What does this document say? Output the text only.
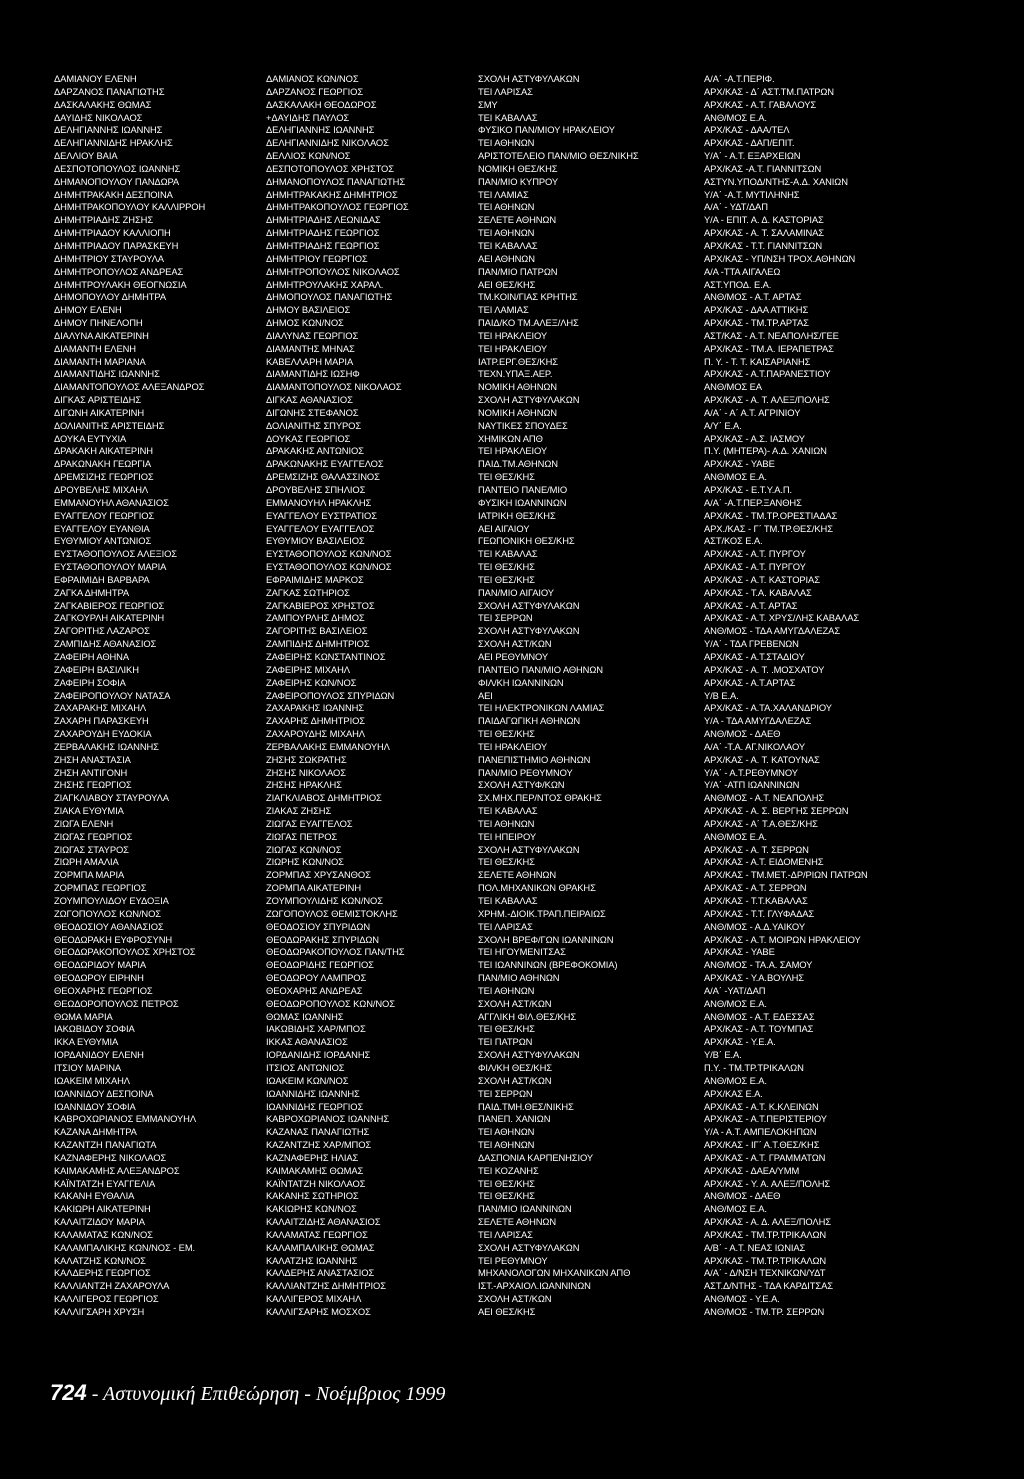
ΔΑΜΙΑΝΟΥ ΕΛΕΝΗ	ΔΑΜΙΑΝΟΣ ΚΩΝ/ΝΟΣ	ΣΧΟΛΗ ΑΣΤΥΦΥΛΑΚΩΝ	Α/Α΄ -Α.Τ.ΠΕΡΙΦ.
ΔΑΡΖΑΝΟΣ ΠΑΝΑΓΙΩΤΗΣ	ΔΑΡΖΑΝΟΣ ΓΕΩΡΓΙΟΣ	ΤΕΙ ΛΑΡΙΣΑΣ	ΑΡΧ/ΚΑΣ - Δ΄ ΑΣΤ.ΤΜ.ΠΑΤΡΩΝ
ΔΑΣΚΑΛΑΚΗΣ ΘΩΜΑΣ	ΔΑΣΚΑΛΑΚΗ ΘΕΟΔΩΡΟΣ	ΣΜΥ	ΑΡΧ/ΚΑΣ - Α.Τ. ΓΑΒΑΛΟΥΣ
ΔΑΥΙΔΗΣ ΝΙΚΟΛΑΟΣ	+ΔΑΥΙΔΗΣ ΠΑΥΛΟΣ	ΤΕΙ ΚΑΒΑΛΑΣ	ΑΝΘ/ΜΟΣ Ε.Α.
ΔΕΛΗΓΙΑΝΝΗΣ ΙΩΑΝΝΗΣ	ΔΕΛΗΓΙΑΝΝΗΣ ΙΩΑΝΝΗΣ	ΦΥΣΙΚΟ ΠΑΝ/ΜΙΟΥ ΗΡΑΚΛΕΙΟΥ	ΑΡΧ/ΚΑΣ - ΔΑΑ/ΤΕΛ
ΔΕΛΗΓΙΑΝΝΙΔΗΣ ΗΡΑΚΛΗΣ	ΔΕΛΗΓΙΑΝΝΙΔΗΣ ΝΙΚΟΛΑΟΣ	ΤΕΙ ΑΘΗΝΩΝ	ΑΡΧ/ΚΑΣ - ΔΑΠ/ΕΠΙΤ.
ΔΕΛΛΙΟΥ ΒΑΙΑ	ΔΕΛΛΙΟΣ ΚΩΝ/ΝΟΣ	ΑΡΙΣΤΟΤΕΛΕΙΟ ΠΑΝ/ΜΙΟ ΘΕΣ/ΝΙΚΗΣ	Υ/Α΄ - Α.Τ. ΕΞΑΡΧΕΙΩΝ
ΔΕΣΠΟΤΟΠΟΥΛΟΣ ΙΩΑΝΝΗΣ	ΔΕΣΠΟΤΟΠΟΥΛΟΣ ΧΡΗΣΤΟΣ	ΝΟΜΙΚΗ ΘΕΣ/ΚΗΣ	ΑΡΧ/ΚΑΣ -Α.Τ. ΓΙΑΝΝΙΤΣΩΝ
ΔΗΜΑΝΟΠΟΥΛΟΥ ΠΑΝΔΩΡΑ	ΔΗΜΑΝΟΠΟΥΛΟΣ ΠΑΝΑΓΙΩΤΗΣ	ΠΑΝ/ΜΙΟ ΚΥΠΡΟΥ	ΑΣΤΥΝ.ΥΠΟΔ/ΝΤΗΣ-Α.Δ. ΧΑΝΙΩΝ
ΔΗΜΗΤΡΑΚΑΚΗ ΔΕΣΠΟΙΝΑ	ΔΗΜΗΤΡΑΚΑΚΗΣ ΔΗΜΗΤΡΙΟΣ	ΤΕΙ ΛΑΜΙΑΣ	Υ/Α΄ -Α.Τ. ΜΥΤΙΛΗΝΗΣ
ΔΗΜΗΤΡΑΚΟΠΟΥΛΟΥ ΚΑΛΛΙΡΡΟΗ	ΔΗΜΗΤΡΑΚΟΠΟΥΛΟΣ ΓΕΩΡΓΙΟΣ	ΤΕΙ ΑΘΗΝΩΝ	Α/Α΄ - ΥΔΤ/ΔΑΠ
ΔΗΜΗΤΡΙΑΔΗΣ ΖΗΣΗΣ	ΔΗΜΗΤΡΙΑΔΗΣ ΛΕΩΝΙΔΑΣ	ΣΕΛΕΤΕ ΑΘΗΝΩΝ	Υ/Α - ΕΠΙΤ. Α. Δ. ΚΑΣΤΟΡΙΑΣ
ΔΗΜΗΤΡΙΑΔΟΥ ΚΑΛΛΙΟΠΗ	ΔΗΜΗΤΡΙΑΔΗΣ ΓΕΩΡΓΙΟΣ	ΤΕΙ ΑΘΗΝΩΝ	ΑΡΧ/ΚΑΣ - Α. Τ. ΣΑΛΑΜΙΝΑΣ
ΔΗΜΗΤΡΙΑΔΟΥ ΠΑΡΑΣΚΕΥΗ	ΔΗΜΗΤΡΙΑΔΗΣ ΓΕΩΡΓΙΟΣ	ΤΕΙ ΚΑΒΑΛΑΣ	ΑΡΧ/ΚΑΣ - Τ.Τ. ΓΙΑΝΝΙΤΣΩΝ
ΔΗΜΗΤΡΙΟΥ ΣΤΑΥΡΟΥΛΑ	ΔΗΜΗΤΡΙΟΥ ΓΕΩΡΓΙΟΣ	ΑΕΙ ΑΘΗΝΩΝ	ΑΡΧ/ΚΑΣ - ΥΠ/ΝΣΗ ΤΡΟΧ.ΑΘΗΝΩΝ
ΔΗΜΗΤΡΟΠΟΥΛΟΣ ΑΝΔΡΕΑΣ	ΔΗΜΗΤΡΟΠΟΥΛΟΣ ΝΙΚΟΛΑΟΣ	ΠΑΝ/ΜΙΟ ΠΑΤΡΩΝ	Α/Α -ΤΤΑ ΑΙΓΑΛΕΩ
ΔΗΜΗΤΡΟΥΛΑΚΗ ΘΕΟΓΝΩΣΙΑ	ΔΗΜΗΤΡΟΥΛΑΚΗΣ ΧΑΡΑΛ.	ΑΕΙ ΘΕΣ/ΚΗΣ	ΑΣΤ.ΥΠΟΔ. Ε.Α.
ΔΗΜΟΠΟΥΛΟΥ ΔΗΜΗΤΡΑ	ΔΗΜΟΠΟΥΛΟΣ ΠΑΝΑΓΙΩΤΗΣ	ΤΜ.ΚΟΙΝ/ΓΙΑΣ ΚΡΗΤΗΣ	ΑΝΘ/ΜΟΣ - Α.Τ. ΑΡΤΑΣ
ΔΗΜΟΥ ΕΛΕΝΗ	ΔΗΜΟΥ ΒΑΣΙΛΕΙΟΣ	ΤΕΙ ΛΑΜΙΑΣ	ΑΡΧ/ΚΑΣ - ΔΑΑ ΑΤΤΙΚΗΣ
ΔΗΜΟΥ ΠΗΝΕΛΟΠΗ	ΔΗΜΟΣ ΚΩΝ/ΝΟΣ	ΠΑΙΔ/ΚΟ ΤΜ.ΑΛΕΞ/ΛΗΣ	ΑΡΧ/ΚΑΣ - ΤΜ.ΤΡ.ΑΡΤΑΣ
ΔΙΑΛΥΝΑ ΑΙΚΑΤΕΡΙΝΗ	ΔΙΑΛΥΝΑΣ ΓΕΩΡΓΙΟΣ	ΤΕΙ ΗΡΑΚΛΕΙΟΥ	ΑΣΤ/ΚΑΣ - Α.Τ. ΝΕΑΠΟΛΗΣ/ΓΕΕ
ΔΙΑΜΑΝΤΗ ΕΛΕΝΗ	ΔΙΑΜΑΝΤΗΣ ΜΗΝΑΣ	ΤΕΙ ΗΡΑΚΛΕΙΟΥ	ΑΡΧ/ΚΑΣ - ΤΜ.Α. ΙΕΡΑΠΕΤΡΑΣ
ΔΙΑΜΑΝΤΗ ΜΑΡΙΑΝΑ	ΚΑΒΕΛΛΑΡΗ ΜΑΡΙΑ	ΙΑΤΡ.ΕΡΓ.ΘΕΣ/ΚΗΣ	Π. Υ. - Τ. Τ. ΚΑΙΣΑΡΙΑΝΗΣ
ΔΙΑΜΑΝΤΙΔΗΣ ΙΩΑΝΝΗΣ	ΔΙΑΜΑΝΤΙΔΗΣ ΙΩΣΗΦ	ΤΕΧΝ.ΥΠΑΞ.ΑΕΡ.	ΑΡΧ/ΚΑΣ - Α.Τ.ΠΑΡΑΝΕΣΤΙΟΥ
ΔΙΑΜΑΝΤΟΠΟΥΛΟΣ ΑΛΕΞΑΝΔΡΟΣ	ΔΙΑΜΑΝΤΟΠΟΥΛΟΣ ΝΙΚΟΛΑΟΣ	ΝΟΜΙΚΗ ΑΘΗΝΩΝ	ΑΝΘ/ΜΟΣ ΕΑ
ΔΙΓΚΑΣ ΑΡΙΣΤΕΙΔΗΣ	ΔΙΓΚΑΣ ΑΘΑΝΑΣΙΟΣ	ΣΧΟΛΗ ΑΣΤΥΦΥΛΑΚΩΝ	ΑΡΧ/ΚΑΣ - Α. Τ. ΑΛΕΞ/ΠΟΛΗΣ
ΔΙΓΩΝΗ ΑΙΚΑΤΕΡΙΝΗ	ΔΙΓΩΝΗΣ ΣΤΕΦΑΝΟΣ	ΝΟΜΙΚΗ ΑΘΗΝΩΝ	Α/Α΄ - Α΄ Α.Τ. ΑΓΡΙΝΙΟΥ
ΔΟΛΙΑΝΙΤΗΣ ΑΡΙΣΤΕΙΔΗΣ	ΔΟΛΙΑΝΙΤΗΣ ΣΠΥΡΟΣ	ΝΑΥΤΙΚΕΣ ΣΠΟΥΔΕΣ	Α/Υ΄ Ε.Α.
ΔΟΥΚΑ ΕΥΤΥΧΙΑ	ΔΟΥΚΑΣ ΓΕΩΡΓΙΟΣ	ΧΗΜΙΚΩΝ ΑΠΘ	ΑΡΧ/ΚΑΣ - Α.Σ. ΙΑΣΜΟΥ
ΔΡΑΚΑΚΗ ΑΙΚΑΤΕΡΙΝΗ	ΔΡΑΚΑΚΗΣ ΑΝΤΩΝΙΟΣ	ΤΕΙ ΗΡΑΚΛΕΙΟΥ	Π.Υ. (ΜΗΤΕΡΑ)- Α.Δ. ΧΑΝΙΩΝ
ΔΡΑΚΩΝΑΚΗ ΓΕΩΡΓΙΑ	ΔΡΑΚΩΝΑΚΗΣ ΕΥΑΓΓΕΛΟΣ	ΠΑΙΔ.ΤΜ.ΑΘΗΝΩΝ	ΑΡΧ/ΚΑΣ - ΥΑΒΕ
ΔΡΕΜΣΙΖΗΣ ΓΕΩΡΓΙΟΣ	ΔΡΕΜΣΙΖΗΣ ΘΑΛΑΣΣΙΝΟΣ	ΤΕΙ ΘΕΣ/ΚΗΣ	ΑΝΘ/ΜΟΣ Ε.Α.
ΔΡΟΥΒΕΛΗΣ ΜΙΧΑΗΛ	ΔΡΟΥΒΕΛΗΣ ΣΠΗΛΙΟΣ	ΠΑΝΤΕΙΟ ΠΑΝΕ/ΜΙΟ	ΑΡΧ/ΚΑΣ - Ε.Τ.Υ.Α.Π.
ΕΜΜΑΝΟΥΗΛ ΑΘΑΝΑΣΙΟΣ	ΕΜΜΑΝΟΥΗΛ ΗΡΑΚΛΗΣ	ΦΥΣΙΚΗ ΙΩΑΝΝΙΝΩΝ	Α/Α΄ -Α.Τ.ΠΕΡ.ΞΑΝΘΗΣ
ΕΥΑΓΓΕΛΟΥ ΓΕΩΡΓΙΟΣ	ΕΥΑΓΓΕΛΟΥ ΕΥΣΤΡΑΤΙΟΣ	ΙΑΤΡΙΚΗ ΘΕΣ/ΚΗΣ	ΑΡΧ/ΚΑΣ - ΤΜ.ΤΡ.ΟΡΕΣΤΙΑΔΑΣ
ΕΥΑΓΓΕΛΟΥ ΕΥΑΝΘΙΑ	ΕΥΑΓΓΕΛΟΥ ΕΥΑΓΓΕΛΟΣ	ΑΕΙ ΑΙΓΑΙΟΥ	ΑΡΧ./ΚΑΣ - Γ΄ ΤΜ.ΤΡ.ΘΕΣ/ΚΗΣ
ΕΥΘΥΜΙΟΥ ΑΝΤΩΝΙΟΣ	ΕΥΘΥΜΙΟΥ ΒΑΣΙΛΕΙΟΣ	ΓΕΩΠΟΝΙΚΗ ΘΕΣ/ΚΗΣ	ΑΣΤ/ΚΟΣ Ε.Α.
ΕΥΣΤΑΘΟΠΟΥΛΟΣ ΑΛΕΞΙΟΣ	ΕΥΣΤΑΘΟΠΟΥΛΟΣ ΚΩΝ/ΝΟΣ	ΤΕΙ ΚΑΒΑΛΑΣ	ΑΡΧ/ΚΑΣ - Α.Τ. ΠΥΡΓΟΥ
ΕΥΣΤΑΘΟΠΟΥΛΟΥ ΜΑΡΙΑ	ΕΥΣΤΑΘΟΠΟΥΛΟΣ ΚΩΝ/ΝΟΣ	ΤΕΙ ΘΕΣ/ΚΗΣ	ΑΡΧ/ΚΑΣ - Α.Τ. ΠΥΡΓΟΥ
ΕΦΡΑΙΜΙΔΗ ΒΑΡΒΑΡΑ	ΕΦΡΑΙΜΙΔΗΣ ΜΑΡΚΟΣ	ΤΕΙ ΘΕΣ/ΚΗΣ	ΑΡΧ/ΚΑΣ - Α.Τ. ΚΑΣΤΟΡΙΑΣ
ΖΑΓΚΑ ΔΗΜΗΤΡΑ	ΖΑΓΚΑΣ ΣΩΤΗΡΙΟΣ	ΠΑΝ/ΜΙΟ ΑΙΓΑΙΟΥ	ΑΡΧ/ΚΑΣ - Τ.Α. ΚΑΒΑΛΑΣ
ΖΑΓΚΑΒΙΕΡΟΣ ΓΕΩΡΓΙΟΣ	ΖΑΓΚΑΒΙΕΡΟΣ ΧΡΗΣΤΟΣ	ΣΧΟΛΗ ΑΣΤΥΦΥΛΑΚΩΝ	ΑΡΧ/ΚΑΣ - Α.Τ. ΑΡΤΑΣ
ΖΑΓΚΟΥΡΛΗ ΑΙΚΑΤΕΡΙΝΗ	ΖΑΜΠΟΥΡΛΗΣ ΔΗΜΟΣ	ΤΕΙ ΣΕΡΡΩΝ	ΑΡΧ/ΚΑΣ - Α.Τ. ΧΡΥΣ/ΛΗΣ ΚΑΒΑΛΑΣ
ΖΑΓΟΡΙΤΗΣ ΛΑΖΑΡΟΣ	ΖΑΓΟΡΙΤΗΣ ΒΑΣΙΛΕΙΟΣ	ΣΧΟΛΗ ΑΣΤΥΦΥΛΑΚΩΝ	ΑΝΘ/ΜΟΣ - ΤΔΑ ΑΜΥΓΔΑΛΕΖΑΣ
ΖΑΜΠΙΔΗΣ ΑΘΑΝΑΣΙΟΣ	ΖΑΜΠΙΔΗΣ ΔΗΜΗΤΡΙΟΣ	ΣΧΟΛΗ ΑΣΤ/ΚΩΝ	Υ/Α΄ - ΤΔΑ ΓΡΕΒΕΝΩΝ
ΖΑΦΕΙΡΗ ΑΘΗΝΑ	ΖΑΦΕΙΡΗΣ ΚΩΝΣΤΑΝΤΙΝΟΣ	ΑΕΙ ΡΕΘΥΜΝΟΥ	ΑΡΧ/ΚΑΣ - Α.Τ.ΣΤΑΔΙΟΥ
ΖΑΦΕΙΡΗ ΒΑΣΙΛΙΚΗ	ΖΑΦΕΙΡΗΣ ΜΙΧΑΗΛ	ΠΑΝΤΕΙΟ ΠΑΝ/ΜΙΟ ΑΘΗΝΩΝ	ΑΡΧ/ΚΑΣ - Α. Τ. .ΜΟΣΧΑΤΟΥ
ΖΑΦΕΙΡΗ ΣΟΦΙΑ	ΖΑΦΕΙΡΗΣ ΚΩΝ/ΝΟΣ	ΦΙΛ/ΚΗ ΙΩΑΝΝΙΝΩΝ	ΑΡΧ/ΚΑΣ - Α.Τ.ΑΡΤΑΣ
ΖΑΦΕΙΡΟΠΟΥΛΟΥ ΝΑΤΑΣΑ	ΖΑΦΕΙΡΟΠΟΥΛΟΣ ΣΠΥΡΙΔΩΝ	ΑΕΙ	Υ/Β Ε.Α.
ΖΑΧΑΡΑΚΗΣ ΜΙΧΑΗΛ	ΖΑΧΑΡΑΚΗΣ ΙΩΑΝΝΗΣ	ΤΕΙ ΗΛΕΚΤΡΟΝΙΚΩΝ ΛΑΜΙΑΣ	ΑΡΧ/ΚΑΣ - Α.ΤΑ.ΧΑΛΑΝΔΡΙΟΥ
ΖΑΧΑΡΗ ΠΑΡΑΣΚΕΥΗ	ΖΑΧΑΡΗΣ ΔΗΜΗΤΡΙΟΣ	ΠΑΙΔΑΓΩΓΙΚΗ ΑΘΗΝΩΝ	Υ/Α - ΤΔΑ ΑΜΥΓΔΑΛΕΖΑΣ
ΖΑΧΑΡΟΥΔΗ ΕΥΔΟΚΙΑ	ΖΑΧΑΡΟΥΔΗΣ ΜΙΧΑΗΛ	ΤΕΙ ΘΕΣ/ΚΗΣ	ΑΝΘ/ΜΟΣ - ΔΑΕΘ
ΖΕΡΒΑΛΑΚΗΣ ΙΩΑΝΝΗΣ	ΖΕΡΒΑΛΑΚΗΣ ΕΜΜΑΝΟΥΗΛ	ΤΕΙ ΗΡΑΚΛΕΙΟΥ	Α/Α΄ -Τ.Α. ΑΓ.ΝΙΚΟΛΑΟΥ
ΖΗΣΗ ΑΝΑΣΤΑΣΙΑ	ΖΗΣΗΣ ΣΩΚΡΑΤΗΣ	ΠΑΝΕΠΙΣΤΗΜΙΟ ΑΘΗΝΩΝ	ΑΡΧ/ΚΑΣ - Α. Τ. ΚΑΤΟΥΝΑΣ
ΖΗΣΗ ΑΝΤΙΓΟΝΗ	ΖΗΣΗΣ ΝΙΚΟΛΑΟΣ	ΠΑΝ/ΜΙΟ ΡΕΘΥΜΝΟΥ	Υ/Α΄ - Α.Τ.ΡΕΘΥΜΝΟΥ
ΖΗΣΗΣ ΓΕΩΡΓΙΟΣ	ΖΗΣΗΣ ΗΡΑΚΛΗΣ	ΣΧΟΛΗ ΑΣΤΥΦ/ΚΩΝ	Υ/Α΄ -ΑΤΠ ΙΩΑΝΝΙΝΩΝ
ΖΙΑΓΚΛΙΑΒΟΥ ΣΤΑΥΡΟΥΛΑ	ΖΙΑΓΚΛΙΑΒΟΣ ΔΗΜΗΤΡΙΟΣ	ΣΧ.ΜΗΧ.ΠΕΡ/ΝΤΟΣ ΘΡΑΚΗΣ	ΑΝΘ/ΜΟΣ - Α.Τ. ΝΕΑΠΟΛΗΣ
ΖΙΑΚΑ ΕΥΘΥΜΙΑ	ΖΙΑΚΑΣ ΖΗΣΗΣ	ΤΕΙ ΚΑΒΑΛΑΣ	ΑΡΧ/ΚΑΣ - Α. Σ. ΒΕΡΓΗΣ ΣΕΡΡΩΝ
ΖΙΩΓΑ ΕΛΕΝΗ	ΖΙΩΓΑΣ ΕΥΑΓΓΕΛΟΣ	ΤΕΙ ΑΘΗΝΩΝ	ΑΡΧ/ΚΑΣ - Α΄ Τ.Α.ΘΕΣ/ΚΗΣ
ΖΙΩΓΑΣ ΓΕΩΡΓΙΟΣ	ΖΙΩΓΑΣ ΠΕΤΡΟΣ	ΤΕΙ ΗΠΕΙΡΟΥ	ΑΝΘ/ΜΟΣ Ε.Α.
ΖΙΩΓΑΣ ΣΤΑΥΡΟΣ	ΖΙΩΓΑΣ ΚΩΝ/ΝΟΣ	ΣΧΟΛΗ ΑΣΤΥΦΥΛΑΚΩΝ	ΑΡΧ/ΚΑΣ - Α. Τ. ΣΕΡΡΩΝ
ΖΙΩΡΗ ΑΜΑΛΙΑ	ΖΙΩΡΗΣ ΚΩΝ/ΝΟΣ	ΤΕΙ ΘΕΣ/ΚΗΣ	ΑΡΧ/ΚΑΣ - Α.Τ. ΕΙΔΟΜΕΝΗΣ
ΖΟΡΜΠΑ ΜΑΡΙΑ	ΖΟΡΜΠΑΣ ΧΡΥΣΑΝΘΟΣ	ΣΕΛΕΤΕ ΑΘΗΝΩΝ	ΑΡΧ/ΚΑΣ - ΤΜ.ΜΕΤ.-ΔΡ/ΡΙΩΝ ΠΑΤΡΩΝ
ΖΟΡΜΠΑΣ ΓΕΩΡΓΙΟΣ	ΖΟΡΜΠΑ ΑΙΚΑΤΕΡΙΝΗ	ΠΟΛ.ΜΗΧΑΝΙΚΩΝ ΘΡΑΚΗΣ	ΑΡΧ/ΚΑΣ - Α.Τ. ΣΕΡΡΩΝ
ΖΟΥΜΠΟΥΛΙΔΟΥ ΕΥΔΟΞΙΑ	ΖΟΥΜΠΟΥΛΙΔΗΣ ΚΩΝ/ΝΟΣ	ΤΕΙ ΚΑΒΑΛΑΣ	ΑΡΧ/ΚΑΣ - Τ.Τ.ΚΑΒΑΛΑΣ
ΖΩΓΟΠΟΥΛΟΣ ΚΩΝ/ΝΟΣ	ΖΩΓΟΠΟΥΛΟΣ ΘΕΜΙΣΤΟΚΛΗΣ	ΧΡΗΜ.-ΔΙΟΙΚ.ΤΡΑΠ.ΠΕΙΡΑΙΩΣ	ΑΡΧ/ΚΑΣ - Τ.Τ. ΓΛΥΦΑΔΑΣ
ΘΕΟΔΟΣΙΟΥ ΑΘΑΝΑΣΙΟΣ	ΘΕΟΔΟΣΙΟΥ ΣΠΥΡΙΔΩΝ	ΤΕΙ ΛΑΡΙΣΑΣ	ΑΝΘ/ΜΟΣ - Α.Δ.ΥΑΙΚΟΥ
ΘΕΟΔΩΡΑΚΗ ΕΥΦΡΟΣΥΝΗ	ΘΕΟΔΩΡΑΚΗΣ ΣΠΥΡΙΔΩΝ	ΣΧΟΛΗ ΒΡΕΦ/ΓΩΝ ΙΩΑΝΝΙΝΩΝ	ΑΡΧ/ΚΑΣ - Α.Τ. ΜΟΙΡΩΝ ΗΡΑΚΛΕΙΟΥ
ΘΕΟΔΩΡΑΚΟΠΟΥΛΟΣ ΧΡΗΣΤΟΣ	ΘΕΟΔΩΡΑΚΟΠΟΥΛΟΣ ΠΑΝ/ΤΗΣ	ΤΕΙ ΗΓΟΥΜΕΝΙΤΣΑΣ	ΑΡΧ/ΚΑΣ - ΥΑΒΕ
ΘΕΟΔΩΡΙΔΟΥ ΜΑΡΙΑ	ΘΕΟΔΩΡΙΔΗΣ ΓΕΩΡΓΙΟΣ	ΤΕΙ ΙΩΑΝΝΙΝΩΝ (ΒΡΕΦΟΚΟΜΙΑ)	ΑΝΘ/ΜΟΣ - ΤΑ.Α. ΣΑΜΟΥ
ΘΕΟΔΩΡΟΥ ΕΙΡΗΝΗ	ΘΕΟΔΩΡΟΥ ΛΑΜΠΡΟΣ	ΠΑΝ/ΜΙΟ ΑΘΗΝΩΝ	ΑΡΧ/ΚΑΣ - Υ.Α.ΒΟΥΛΗΣ
ΘΕΟΧΑΡΗΣ ΓΕΩΡΓΙΟΣ	ΘΕΟΧΑΡΗΣ ΑΝΔΡΕΑΣ	ΤΕΙ ΑΘΗΝΩΝ	Α/Α΄ -ΥΑΤ/ΔΑΠ
ΘΕΩΔΟΡΟΠΟΥΛΟΣ ΠΕΤΡΟΣ	ΘΕΟΔΩΡΟΠΟΥΛΟΣ ΚΩΝ/ΝΟΣ	ΣΧΟΛΗ ΑΣΤ/ΚΩΝ	ΑΝΘ/ΜΟΣ Ε.Α.
ΘΩΜΑ ΜΑΡΙΑ	ΘΩΜΑΣ ΙΩΑΝΝΗΣ	ΑΓΓΛΙΚΗ ΦΙΛ.ΘΕΣ/ΚΗΣ	ΑΝΘ/ΜΟΣ - Α.Τ. ΕΔΕΣΣΑΣ
ΙΑΚΩΒΙΔΟΥ ΣΟΦΙΑ	ΙΑΚΩΒΙΔΗΣ ΧΑΡ/ΜΠΟΣ	ΤΕΙ ΘΕΣ/ΚΗΣ	ΑΡΧ/ΚΑΣ - Α.Τ. ΤΟΥΜΠΑΣ
ΙΚΚΑ ΕΥΘΥΜΙΑ	ΙΚΚΑΣ ΑΘΑΝΑΣΙΟΣ	ΤΕΙ ΠΑΤΡΩΝ	ΑΡΧ/ΚΑΣ - Υ.Ε.Α.
ΙΟΡΔΑΝΙΔΟΥ ΕΛΕΝΗ	ΙΟΡΔΑΝΙΔΗΣ ΙΟΡΔΑΝΗΣ	ΣΧΟΛΗ ΑΣΤΥΦΥΛΑΚΩΝ	Υ/Β΄ Ε.Α.
ΙΤΣΙΟΥ ΜΑΡΙΝΑ	ΙΤΣΙΟΣ ΑΝΤΩΝΙΟΣ	ΦΙΛ/ΚΗ ΘΕΣ/ΚΗΣ	Π.Υ. - ΤΜ.ΤΡ.ΤΡΙΚΑΛΩΝ
ΙΩΑΚΕΙΜ ΜΙΧΑΗΛ	ΙΩΑΚΕΙΜ ΚΩΝ/ΝΟΣ	ΣΧΟΛΗ ΑΣΤ/ΚΩΝ	ΑΝΘ/ΜΟΣ Ε.Α.
ΙΩΑΝΝΙΔΟΥ ΔΕΣΠΟΙΝΑ	ΙΩΑΝΝΙΔΗΣ ΙΩΑΝΝΗΣ	ΤΕΙ ΣΕΡΡΩΝ	ΑΡΧ/ΚΑΣ Ε.Α.
ΙΩΑΝΝΙΔΟΥ ΣΟΦΙΑ	ΙΩΑΝΝΙΔΗΣ ΓΕΩΡΓΙΟΣ	ΠΑΙΔ.ΤΜΗ.ΘΕΣ/ΝΙΚΗΣ	ΑΡΧ/ΚΑΣ - Α.Τ. Κ.ΚΛΕΙΝΩΝ
ΚΑΒΡΟΧΩΡΙΑΝΟΣ ΕΜΜΑΝΟΥΗΛ	ΚΑΒΡΟΧΩΡΙΑΝΟΣ ΙΩΑΝΝΗΣ	ΠΑΝΕΠ. ΧΑΝΙΩΝ	ΑΡΧ/ΚΑΣ - Α.Τ.ΠΕΡΙΣΤΕΡΙΟΥ
ΚΑΖΑΝΑ ΔΗΜΗΤΡΑ	ΚΑΖΑΝΑΣ ΠΑΝΑΓΙΩΤΗΣ	ΤΕΙ ΑΘΗΝΩΝ	Υ/Α - Α.Τ. ΑΜΠΕΛΟΚΗΠΩΝ
ΚΑΖΑΝΤΖΗ ΠΑΝΑΓΙΩΤΑ	ΚΑΖΑΝΤΖΗΣ ΧΑΡ/ΜΠΟΣ	ΤΕΙ ΑΘΗΝΩΝ	ΑΡΧ/ΚΑΣ - ΙΓ΄ Α.Τ.ΘΕΣ/ΚΗΣ
ΚΑΖΝΑΦΕΡΗΣ ΝΙΚΟΛΑΟΣ	ΚΑΖΝΑΦΕΡΗΣ ΗΛΙΑΣ	ΔΑΣΠΟΝΙΑ ΚΑΡΠΕΝΗΣΙΟΥ	ΑΡΧ/ΚΑΣ - Α.Τ. ΓΡΑΜΜΑΤΩΝ
ΚΑΙΜΑΚΑΜΗΣ ΑΛΕΞΑΝΔΡΟΣ	ΚΑΙΜΑΚΑΜΗΣ ΘΩΜΑΣ	ΤΕΙ ΚΟΖΑΝΗΣ	ΑΡΧ/ΚΑΣ - ΔΑΕΑ/ΥΜΜ
ΚΑΪΝΤΑΤΖΗ ΕΥΑΓΓΕΛΙΑ	ΚΑΪΝΤΑΤΖΗ ΝΙΚΟΛΑΟΣ	ΤΕΙ ΘΕΣ/ΚΗΣ	ΑΡΧ/ΚΑΣ - Υ. Α. ΑΛΕΞ/ΠΟΛΗΣ
ΚΑΚΑΝΗ ΕΥΘΑΛΙΑ	ΚΑΚΑΝΗΣ ΣΩΤΗΡΙΟΣ	ΤΕΙ ΘΕΣ/ΚΗΣ	ΑΝΘ/ΜΟΣ - ΔΑΕΘ
ΚΑΚΙΩΡΗ ΑΙΚΑΤΕΡΙΝΗ	ΚΑΚΙΩΡΗΣ ΚΩΝ/ΝΟΣ	ΠΑΝ/ΜΙΟ ΙΩΑΝΝΙΝΩΝ	ΑΝΘ/ΜΟΣ Ε.Α.
ΚΑΛΑΙΤΖΙΔΟΥ ΜΑΡΙΑ	ΚΑΛΑΙΤΖΙΔΗΣ ΑΘΑΝΑΣΙΟΣ	ΣΕΛΕΤΕ ΑΘΗΝΩΝ	ΑΡΧ/ΚΑΣ - Α. Δ. ΑΛΕΞ/ΠΟΛΗΣ
ΚΑΛΑΜΑΤΑΣ ΚΩΝ/ΝΟΣ	ΚΑΛΑΜΑΤΑΣ ΓΕΩΡΓΙΟΣ	ΤΕΙ ΛΑΡΙΣΑΣ	ΑΡΧ/ΚΑΣ - ΤΜ.ΤΡ.ΤΡΙΚΑΛΩΝ
ΚΑΛΑΜΠΑΛΙΚΗΣ ΚΩΝ/ΝΟΣ - ΕΜ.	ΚΑΛΑΜΠΑΛΙΚΗΣ ΘΩΜΑΣ	ΣΧΟΛΗ ΑΣΤΥΦΥΛΑΚΩΝ	Α/Β΄ - Α.Τ. ΝΕΑΣ ΙΩΝΙΑΣ
ΚΑΛΑΤΖΗΣ ΚΩΝ/ΝΟΣ	ΚΑΛΑΤΖΗΣ ΙΩΑΝΝΗΣ	ΤΕΙ ΡΕΘΥΜΝΟΥ	ΑΡΧ/ΚΑΣ - ΤΜ.ΤΡ.ΤΡΙΚΑΛΩΝ
ΚΑΛΔΕΡΗΣ ΓΕΩΡΓΙΟΣ	ΚΑΛΔΕΡΗΣ ΑΝΑΣΤΑΣΙΟΣ	ΜΗΧΑΝΟΛΟΓΩΝ ΜΗΧΑΝΙΚΩΝ ΑΠΘ	Α/Α΄ - Δ/ΝΣΗ ΤΕΧΝΙΚΩΝ/ΥΔΤ
ΚΑΛΛΙΑΝΤΖΗ ΖΑΧΑΡΟΥΛΑ	ΚΑΛΛΙΑΝΤΖΗΣ ΔΗΜΗΤΡΙΟΣ	ΙΣΤ.-ΑΡΧΑΙΟΛ.ΙΩΑΝΝΙΝΩΝ	ΑΣΤ.Δ/ΝΤΗΣ - ΤΔΑ ΚΑΡΔΙΤΣΑΣ
ΚΑΛΛΙΓΕΡΟΣ ΓΕΩΡΓΙΟΣ	ΚΑΛΛΙΓΕΡΟΣ ΜΙΧΑΗΛ	ΣΧΟΛΗ ΑΣΤ/ΚΩΝ	ΑΝΘ/ΜΟΣ - Υ.Ε.Α.
ΚΑΛΛΙΓΣΑΡΗ ΧΡΥΣΗ	ΚΑΛΛΙΓΣΑΡΗΣ ΜΟΣΧΟΣ	ΑΕΙ ΘΕΣ/ΚΗΣ	ΑΝΘ/ΜΟΣ - ΤΜ.ΤΡ. ΣΕΡΡΩΝ
724 - Αστυνομική Επιθεώρηση - Νοέμβριος 1999
